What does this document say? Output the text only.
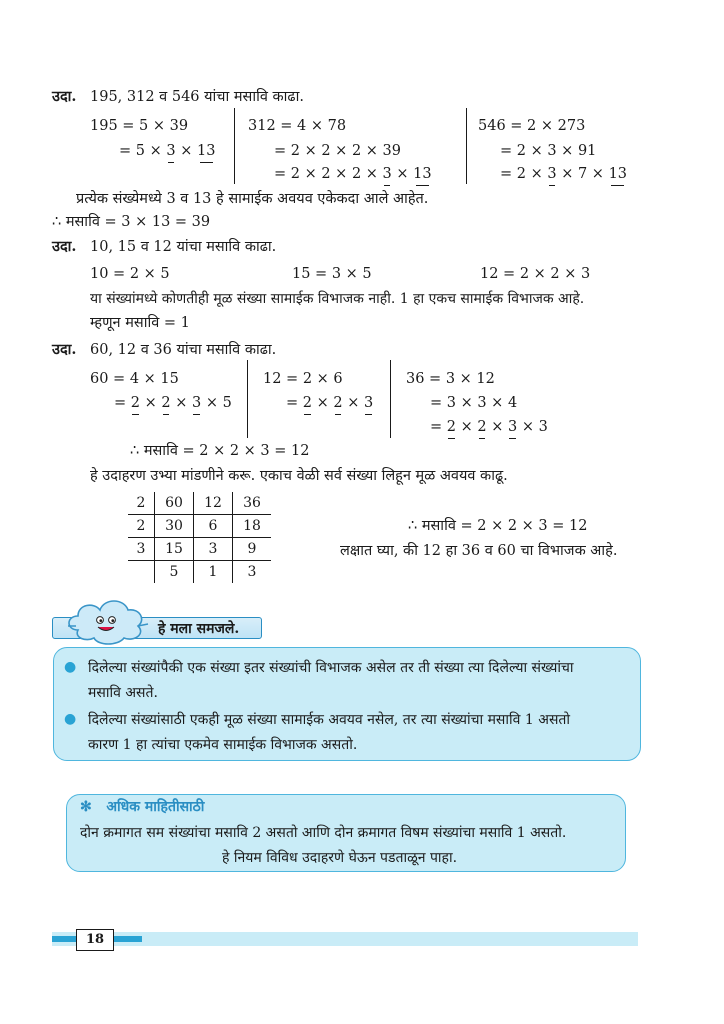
उदा. 195, 312 व 546 यांचा मसावि काढा.
195 = 5 × 39
= 5 × 3 × 13
312 = 4 × 78
= 2 × 2 × 2 × 39
= 2 × 2 × 2 × 3 × 13
546 = 2 × 273
= 2 × 3 × 91
= 2 × 3 × 7 × 13
प्रत्येक संख्येमध्ये 3 व 13 हे सामाईक अवयव एकेकदा आले आहेत.
∴ मसावि = 3 × 13 = 39
उदा. 10, 15 व 12 यांचा मसावि काढा.
10 = 2 × 5	15 = 3 × 5	12 = 2 × 2 × 3
या संख्यांमध्ये कोणतीही मूळ संख्या सामाईक विभाजक नाही. 1 हा एकच सामाईक विभाजक आहे.
म्हणून मसावि = 1
उदा. 60, 12 व 36 यांचा मसावि काढा.
60 = 4 × 15
= 2 × 2 × 3 × 5
12 = 2 × 6
= 2 × 2 × 3
36 = 3 × 12
= 3 × 3 × 4
= 2 × 2 × 3 × 3
∴ मसावि = 2 × 2 × 3 = 12
हे उदाहरण उभ्या मांडणीने करू. एकाच वेळी सर्व संख्या लिहून मूळ अवयव काढू.
2	60	12	36
2	30	6	18
3	15	3	9
	5	1	3
∴ मसावि = 2 × 2 × 3 = 12
लक्षात घ्या, की 12 हा 36 व 60 चा विभाजक आहे.
हे मला समजले.
● दिलेल्या संख्यांपैकी एक संख्या इतर संख्यांची विभाजक असेल तर ती संख्या त्या दिलेल्या संख्यांचा
मसावि असते.
● दिलेल्या संख्यांसाठी एकही मूळ संख्या सामाईक अवयव नसेल, तर त्या संख्यांचा मसावि 1 असतो
कारण 1 हा त्यांचा एकमेव सामाईक विभाजक असतो.
✻ अधिक माहितीसाठी
दोन क्रमागत सम संख्यांचा मसावि 2 असतो आणि दोन क्रमागत विषम संख्यांचा मसावि 1 असतो.
हे नियम विविध उदाहरणे घेऊन पडताळून पाहा.
18
